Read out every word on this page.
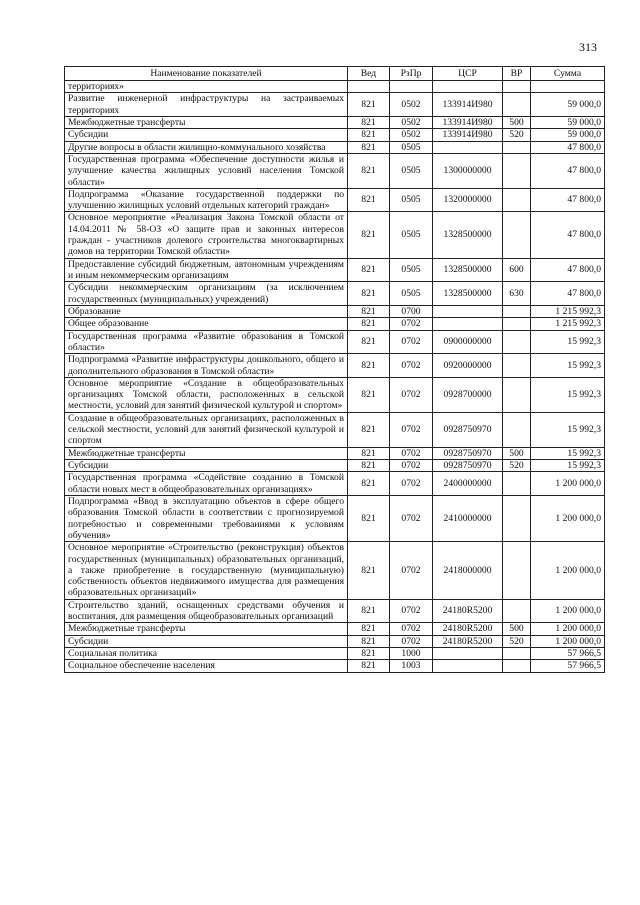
313
Наименование показателей	Вед	РзПр	ЦСР	ВР	Сумма
территориях»					
Развитие инженерной инфраструктуры на застраиваемых территориях	821	0502	133914И980		59 000,0
Межбюджетные трансферты	821	0502	133914И980	500	59 000,0
Субсидии	821	0502	133914И980	520	59 000,0
Другие вопросы в области жилищно-коммунального хозяйства	821	0505			47 800,0
Государственная программа «Обеспечение доступности жилья и улучшение качества жилищных условий населения Томской области»	821	0505	1300000000		47 800,0
Подпрограмма «Оказание государственной поддержки по улучшению жилищных условий отдельных категорий граждан»	821	0505	1320000000		47 800,0
Основное мероприятие «Реализация Закона Томской области от 14.04.2011 № 58-ОЗ «О защите прав и законных интересов граждан - участников долевого строительства многоквартирных домов на территории Томской области»	821	0505	1328500000		47 800,0
Предоставление субсидий бюджетным, автономным учреждениям и иным некоммерческим организациям	821	0505	1328500000	600	47 800,0
Субсидии некоммерческим организациям (за исключением государственных (муниципальных) учреждений)	821	0505	1328500000	630	47 800,0
Образование	821	0700			1 215 992,3
Общее образование	821	0702			1 215 992,3
Государственная программа «Развитие образования в Томской области»	821	0702	0900000000		15 992,3
Подпрограмма «Развитие инфраструктуры дошкольного, общего и дополнительного образования в Томской области»	821	0702	0920000000		15 992,3
Основное мероприятие «Создание в общеобразовательных организациях Томской области, расположенных в сельской местности, условий для занятий физической культурой и спортом»	821	0702	0928700000		15 992,3
Создание в общеобразовательных организациях, расположенных в сельской местности, условий для занятий физической культурой и спортом	821	0702	0928750970		15 992,3
Межбюджетные трансферты	821	0702	0928750970	500	15 992,3
Субсидии	821	0702	0928750970	520	15 992,3
Государственная программа «Содействие созданию в Томской области новых мест в общеобразовательных организациях»	821	0702	2400000000		1 200 000,0
Подпрограмма «Ввод в эксплуатацию объектов в сфере общего образования Томской области в соответствии с прогнозируемой потребностью и современными требованиями к условиям обучения»	821	0702	2410000000		1 200 000,0
Основное мероприятие «Строительство (реконструкция) объектов государственных (муниципальных) образовательных организаций, а также приобретение в государственную (муниципальную) собственность объектов недвижимого имущества для размещения образовательных организаций»	821	0702	2418000000		1 200 000,0
Строительство зданий, оснащенных средствами обучения и воспитания, для размещения общеобразовательных организаций	821	0702	24180R5200		1 200 000,0
Межбюджетные трансферты	821	0702	24180R5200	500	1 200 000,0
Субсидии	821	0702	24180R5200	520	1 200 000,0
Социальная политика	821	1000			57 966,5
Социальное обеспечение населения	821	1003			57 966,5
